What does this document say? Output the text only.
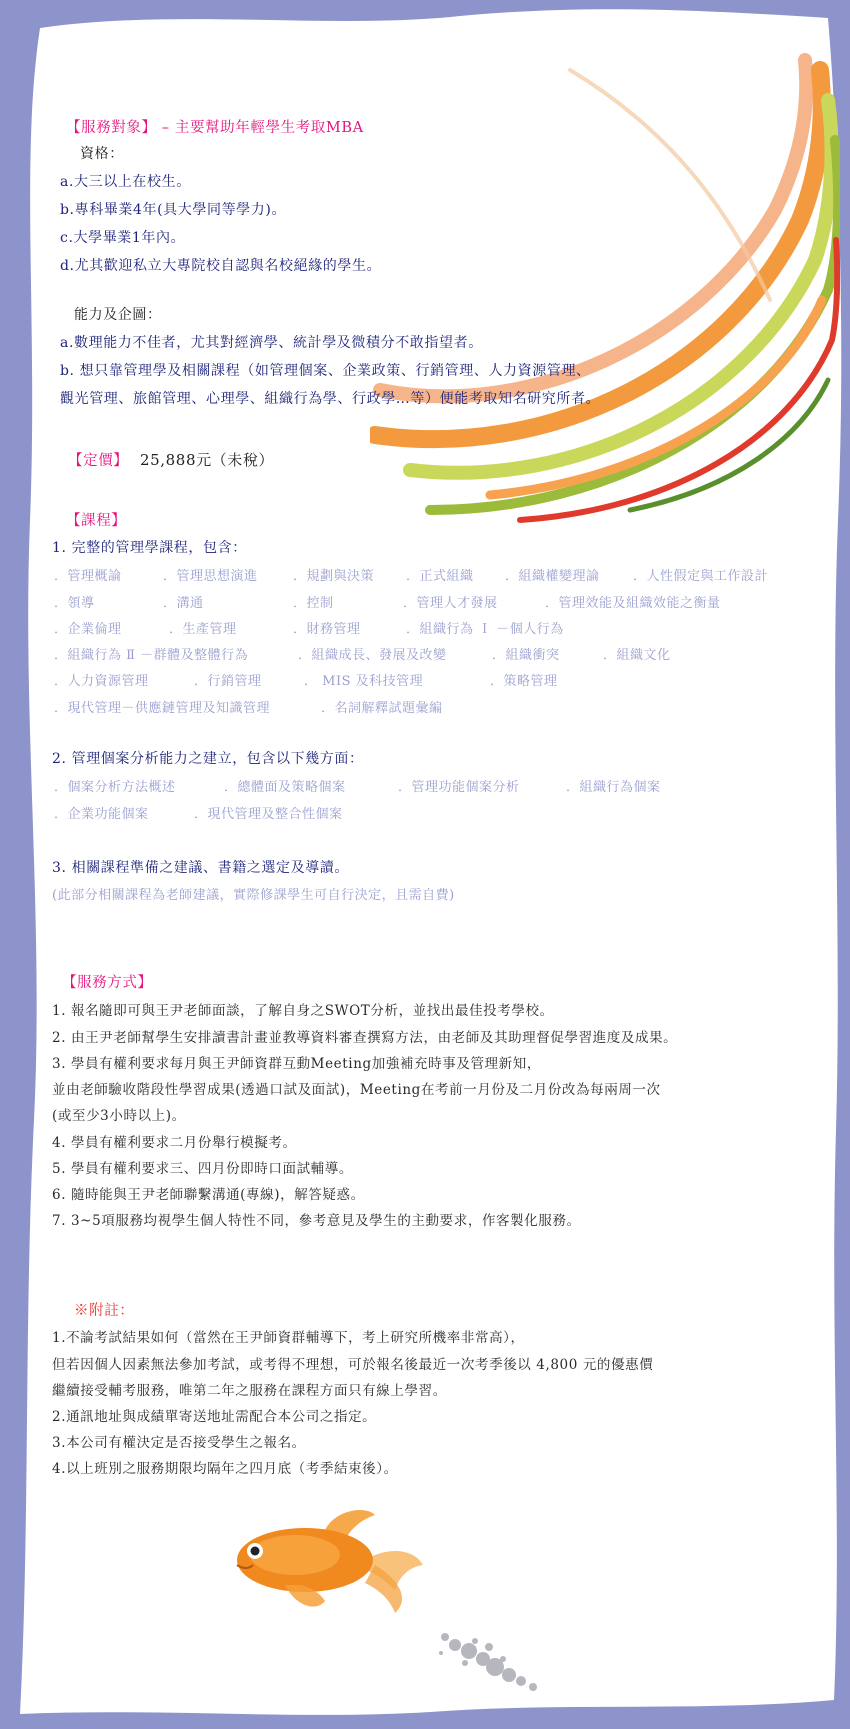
【服務對象】 – 主要幫助年輕學生考取MBA
資格：
a.大三以上在校生。
b.專科畢業4年(具大學同等學力)。
c.大學畢業1年內。
d.尤其歡迎私立大專院校自認與名校絕緣的學生。
能力及企圖：
a.數理能力不佳者，尤其對經濟學、統計學及微積分不敢指望者。
b. 想只靠管理學及相關課程（如管理個案、企業政策、行銷管理、人力資源管理、
觀光管理、旅館管理、心理學、組織行為學、行政學…等）便能考取知名研究所者。
【定價】 25,888元（未稅）
【課程】
1. 完整的管理學課程，包含：
．管理概論	．管理思想演進	．規劃與決策 ．正式組織 ．組織權變理論	．人性假定與工作設計
．領導	．溝通	．控制	．管理人才發展	．管理效能及組織效能之衡量
．企業倫理	．生產管理	．財務管理	．組織行為 Ｉ －個人行為
．組織行為 Ⅱ －群體及整體行為	．組織成長、發展及改變	．組織衝突	．組織文化
．人力資源管理	．行銷管理	． MIS 及科技管理	．策略管理
．現代管理－供應鏈管理及知識管理	．名詞解釋試題彙編
2. 管理個案分析能力之建立，包含以下幾方面：
．個案分析方法概述	．總體面及策略個案	．管理功能個案分析	．組織行為個案
．企業功能個案	．現代管理及整合性個案
3. 相關課程準備之建議、書籍之選定及導讀。
(此部分相關課程為老師建議，實際修課學生可自行決定，且需自費)
【服務方式】
1. 報名隨即可與王尹老師面談，了解自身之SWOT分析，並找出最佳投考學校。
2. 由王尹老師幫學生安排讀書計畫並教導資料審查撰寫方法，由老師及其助理督促學習進度及成果。
3. 學員有權利要求每月與王尹師資群互動Meeting加強補充時事及管理新知，
並由老師驗收階段性學習成果(透過口試及面試)，Meeting在考前一月份及二月份改為每兩周一次
(或至少3小時以上)。
4. 學員有權利要求二月份舉行模擬考。
5. 學員有權利要求三、四月份即時口面試輔導。
6. 隨時能與王尹老師聯繫溝通(專線)，解答疑惑。
7. 3~5項服務均視學生個人特性不同，參考意見及學生的主動要求，作客製化服務。
※附註：
1.不論考試結果如何（當然在王尹師資群輔導下，考上研究所機率非常高），
但若因個人因素無法參加考試，或考得不理想，可於報名後最近一次考季後以 4,800 元的優惠價
繼續接受輔考服務，唯第二年之服務在課程方面只有線上學習。
2.通訊地址與成績單寄送地址需配合本公司之指定。
3.本公司有權決定是否接受學生之報名。
4.以上班別之服務期限均隔年之四月底（考季結束後）。
